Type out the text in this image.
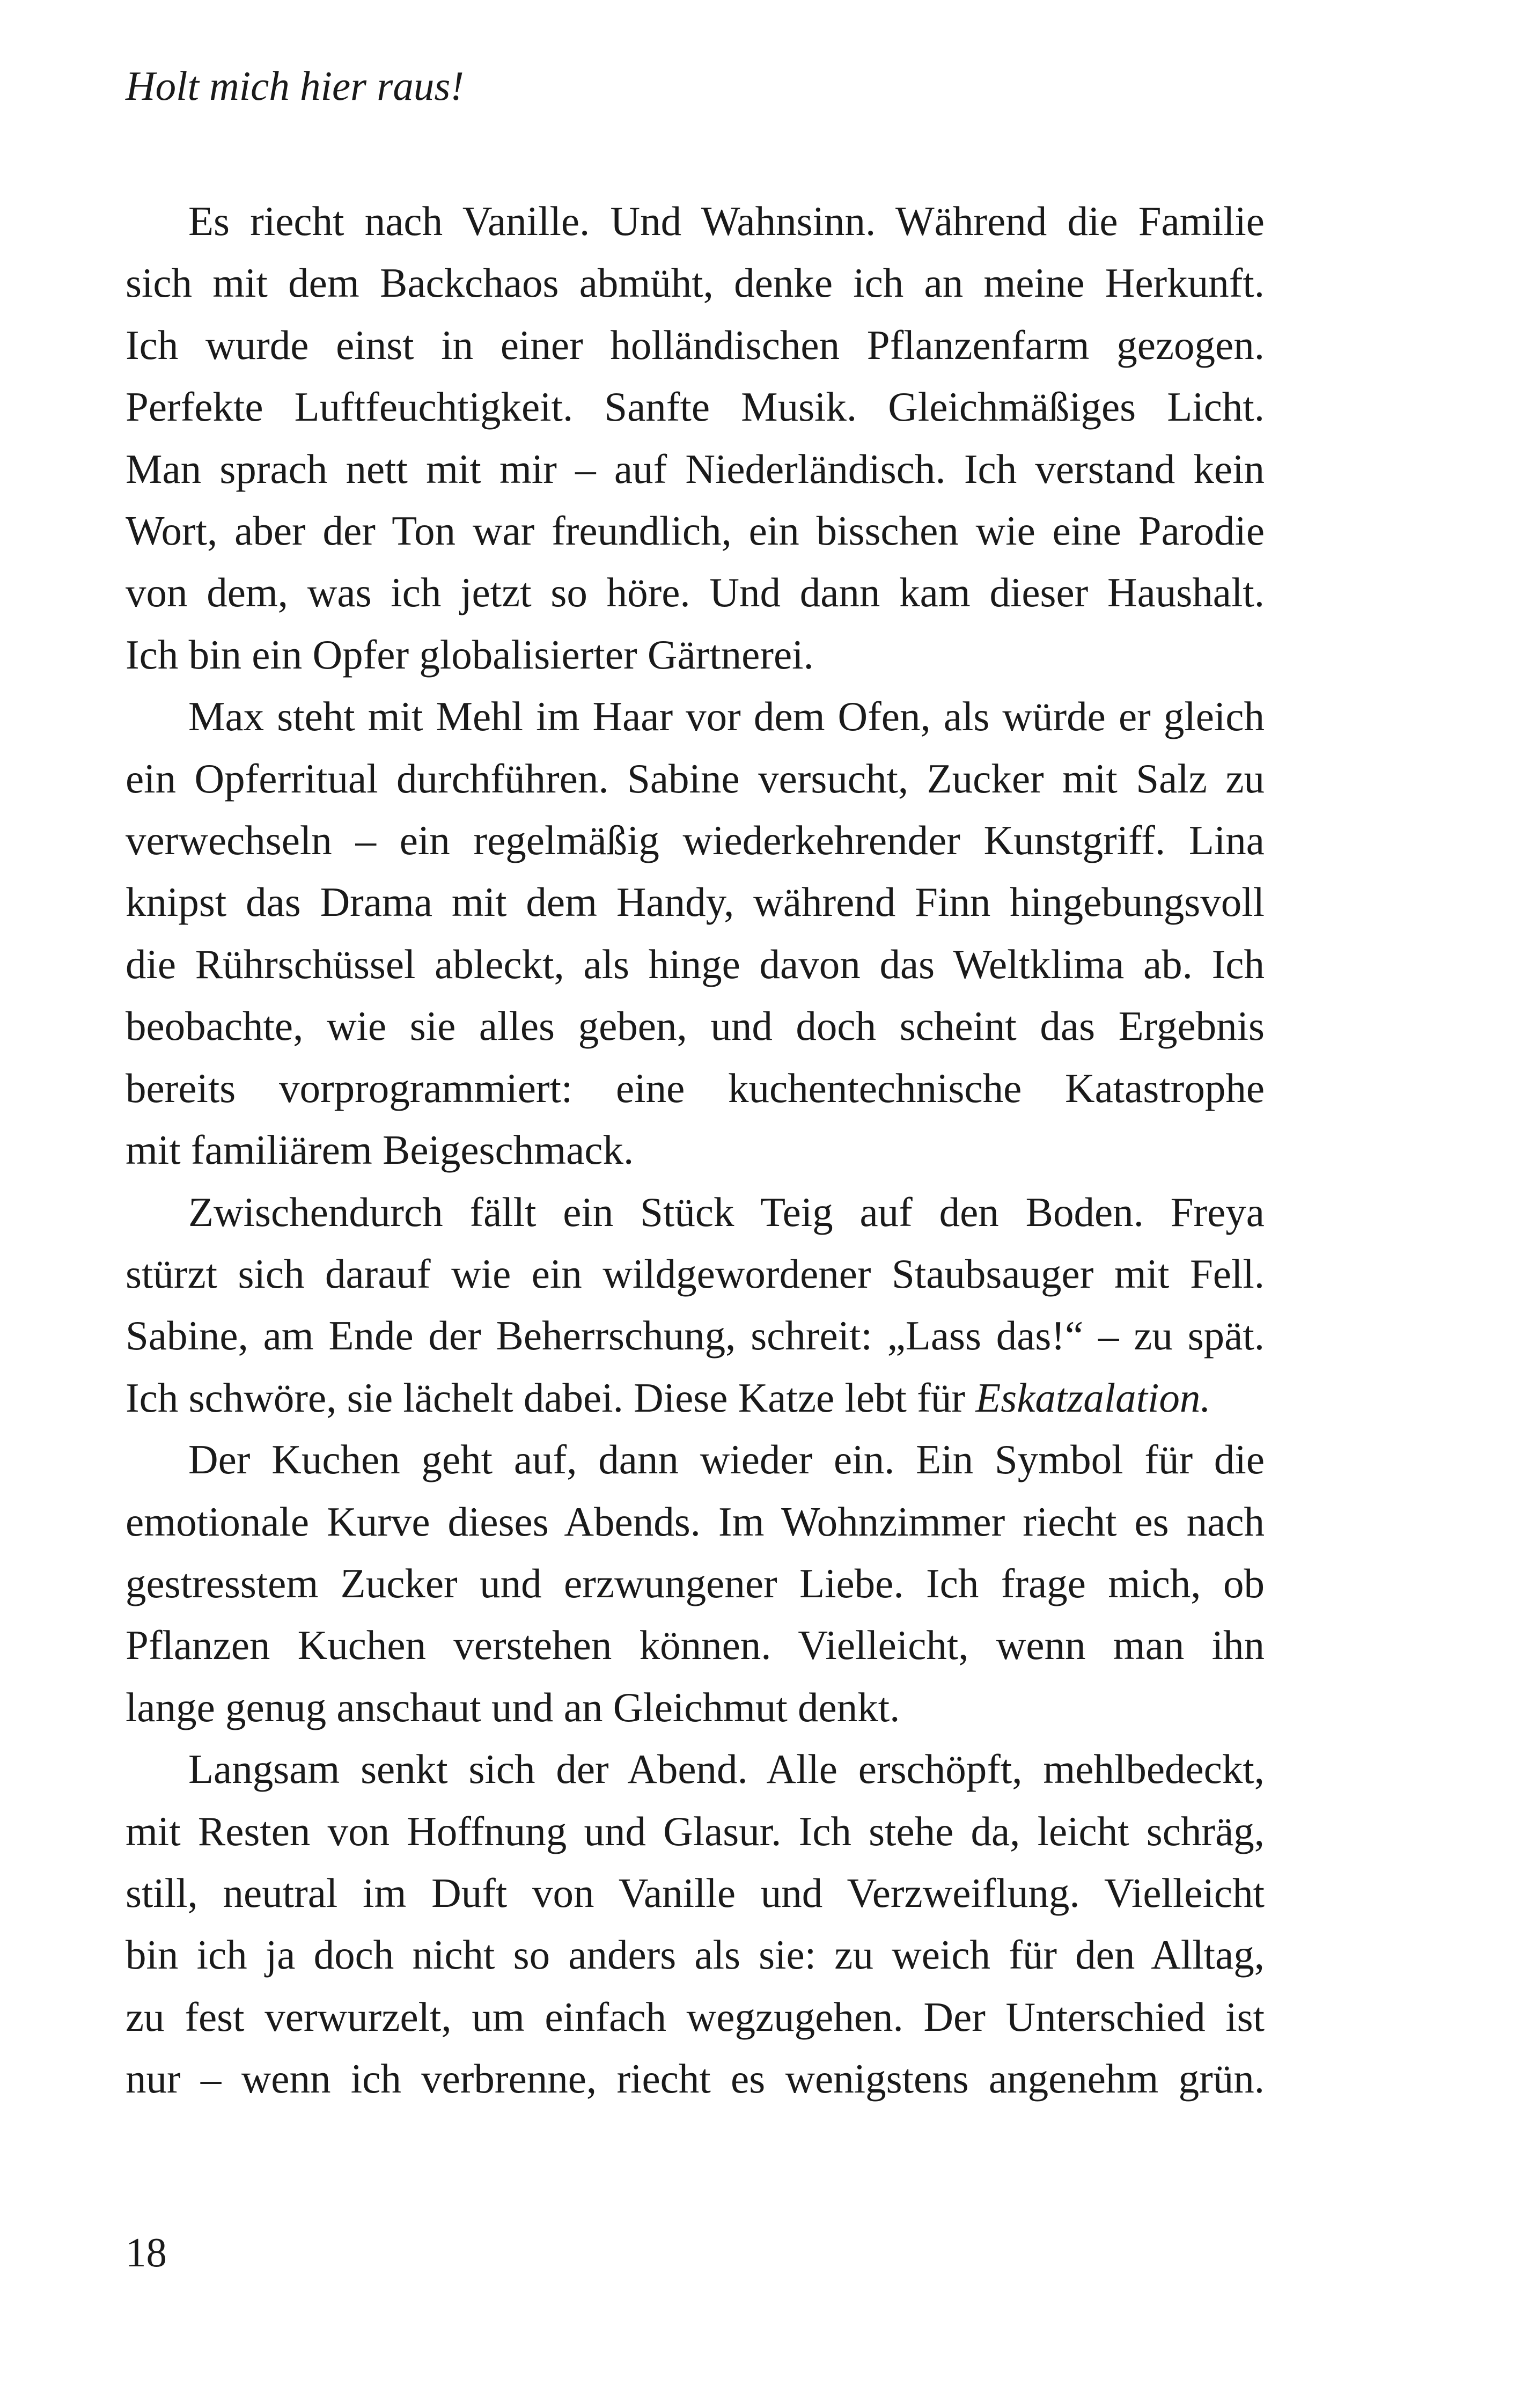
Holt mich hier raus!

Es riecht nach Vanille. Und Wahnsinn. Während die Familie
sich mit dem Backchaos abmüht, denke ich an meine Herkunft.
Ich wurde einst in einer holländischen Pflanzenfarm gezogen.
Perfekte Luftfeuchtigkeit. Sanfte Musik. Gleichmäßiges Licht.
Man sprach nett mit mir – auf Niederländisch. Ich verstand kein
Wort, aber der Ton war freundlich, ein bisschen wie eine Parodie
von dem, was ich jetzt so höre. Und dann kam dieser Haushalt.
Ich bin ein Opfer globalisierter Gärtnerei.

Max steht mit Mehl im Haar vor dem Ofen, als würde er gleich
ein Opferritual durchführen. Sabine versucht, Zucker mit Salz zu
verwechseln – ein regelmäßig wiederkehrender Kunstgriff. Lina
knipst das Drama mit dem Handy, während Finn hingebungsvoll
die Rührschüssel ableckt, als hinge davon das Weltklima ab. Ich
beobachte, wie sie alles geben, und doch scheint das Ergebnis
bereits vorprogrammiert: eine kuchentechnische Katastrophe
mit familiärem Beigeschmack.

Zwischendurch fällt ein Stück Teig auf den Boden. Freya
stürzt sich darauf wie ein wildgewordener Staubsauger mit Fell.
Sabine, am Ende der Beherrschung, schreit: „Lass das!“ – zu spät.
Ich schwöre, sie lächelt dabei. Diese Katze lebt für Eskatzalation.

Der Kuchen geht auf, dann wieder ein. Ein Symbol für die
emotionale Kurve dieses Abends. Im Wohnzimmer riecht es nach
gestresstem Zucker und erzwungener Liebe. Ich frage mich, ob
Pflanzen Kuchen verstehen können. Vielleicht, wenn man ihn
lange genug anschaut und an Gleichmut denkt.

Langsam senkt sich der Abend. Alle erschöpft, mehlbedeckt,
mit Resten von Hoffnung und Glasur. Ich stehe da, leicht schräg,
still, neutral im Duft von Vanille und Verzweiflung. Vielleicht
bin ich ja doch nicht so anders als sie: zu weich für den Alltag,
zu fest verwurzelt, um einfach wegzugehen. Der Unterschied ist
nur – wenn ich verbrenne, riecht es wenigstens angenehm grün.

18
